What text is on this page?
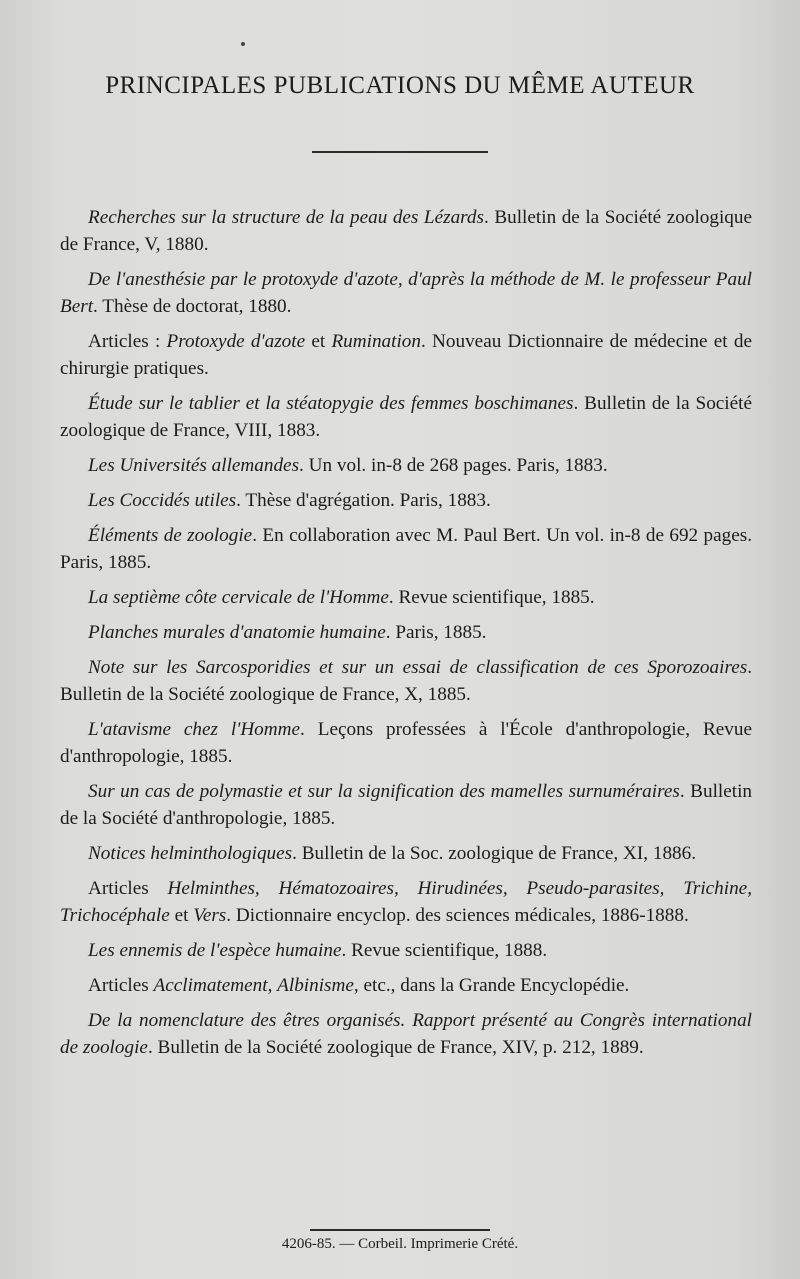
PRINCIPALES PUBLICATIONS DU MÊME AUTEUR

Recherches sur la structure de la peau des Lézards. Bulletin de la Société zoologique de France, V, 1880.

De l'anesthésie par le protoxyde d'azote, d'après la méthode de M. le professeur Paul Bert. Thèse de doctorat, 1880.

Articles : Protoxyde d'azote et Rumination. Nouveau Dictionnaire de médecine et de chirurgie pratiques.

Étude sur le tablier et la stéatopygie des femmes boschimanes. Bulletin de la Société zoologique de France, VIII, 1883.

Les Universités allemandes. Un vol. in-8 de 268 pages. Paris, 1883.

Les Coccidés utiles. Thèse d'agrégation. Paris, 1883.

Éléments de zoologie. En collaboration avec M. Paul Bert. Un vol. in-8 de 692 pages. Paris, 1885.

La septième côte cervicale de l'Homme. Revue scientifique, 1885.

Planches murales d'anatomie humaine. Paris, 1885.

Note sur les Sarcosporidies et sur un essai de classification de ces Sporozoaires. Bulletin de la Société zoologique de France, X, 1885.

L'atavisme chez l'Homme. Leçons professées à l'École d'anthropologie, Revue d'anthropologie, 1885.

Sur un cas de polymastie et sur la signification des mamelles surnuméraires. Bulletin de la Société d'anthropologie, 1885.

Notices helminthologiques. Bulletin de la Soc. zoologique de France, XI, 1886.

Articles Helminthes, Hématozoaires, Hirudinées, Pseudo-parasites, Trichine, Trichocéphale et Vers. Dictionnaire encyclop. des sciences médicales, 1886-1888.

Les ennemis de l'espèce humaine. Revue scientifique, 1888.

Articles Acclimatement, Albinisme, etc., dans la Grande Encyclopédie.

De la nomenclature des êtres organisés. Rapport présenté au Congrès international de zoologie. Bulletin de la Société zoologique de France, XIV, p. 212, 1889.

4206-85. — Corbeil. Imprimerie Crété.
